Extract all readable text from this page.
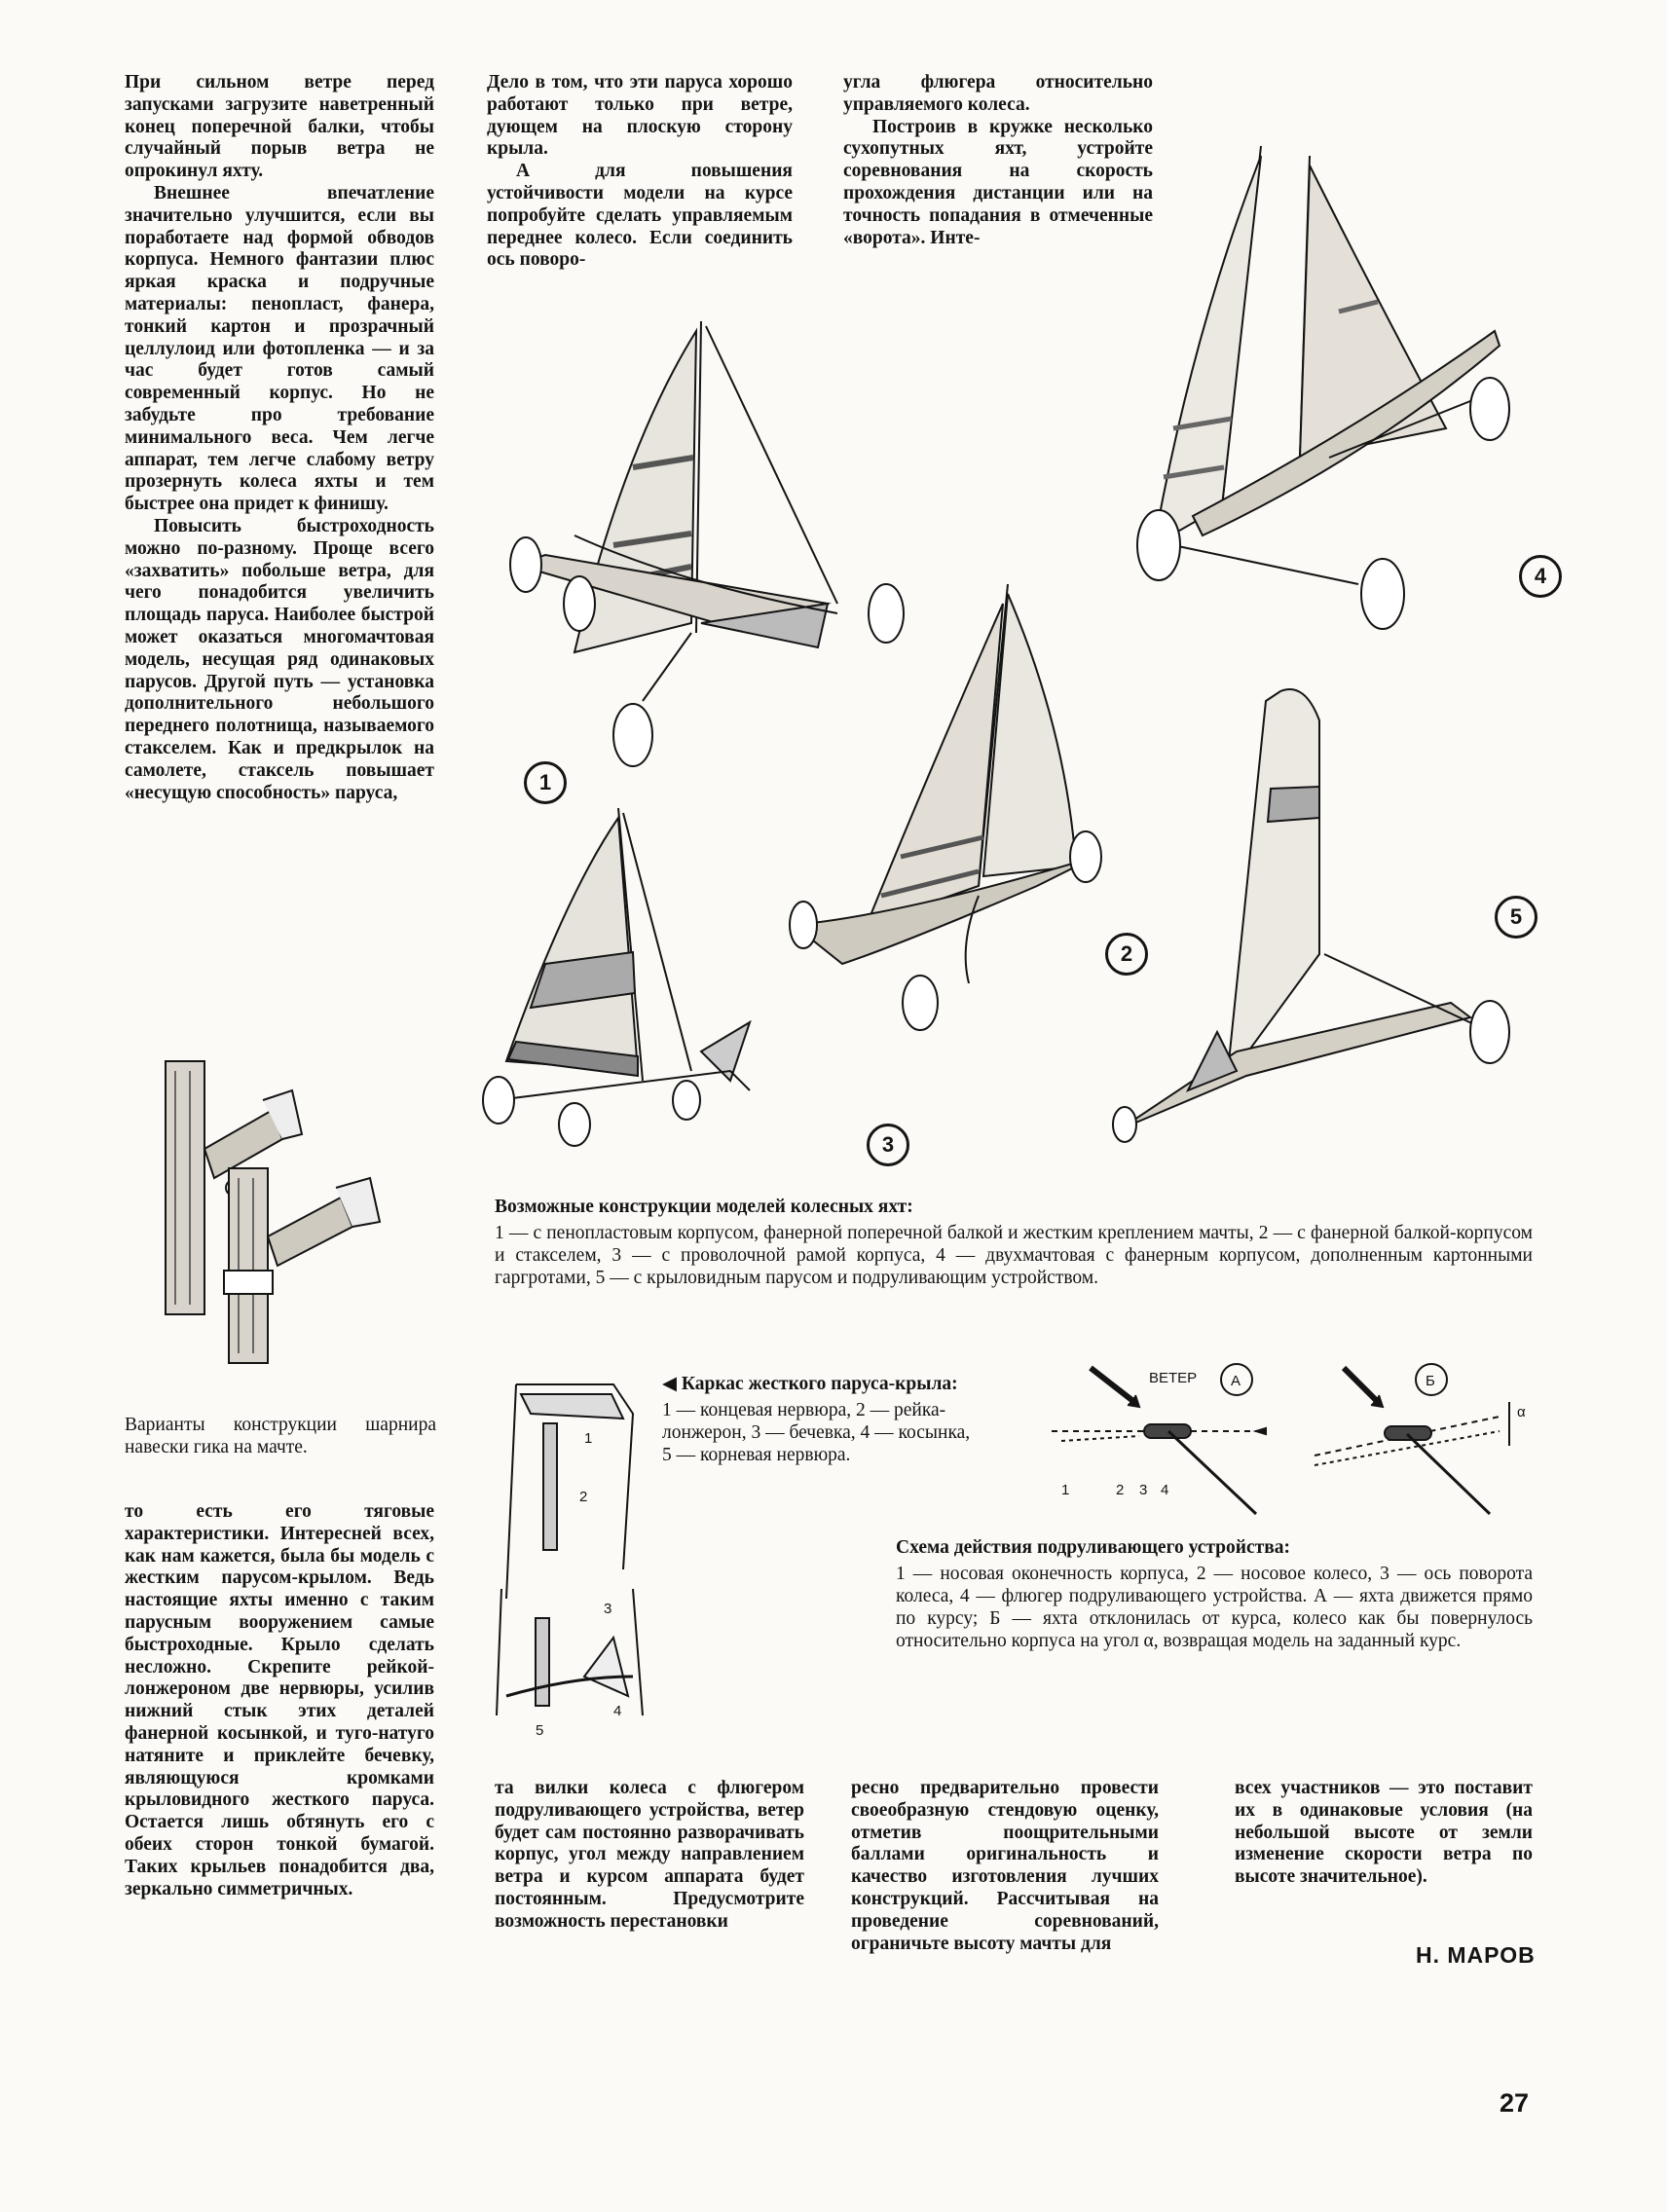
При сильном ветре перед запусками загрузите наветренный конец поперечной балки, чтобы случайный порыв ветра не опрокинул яхту.

Внешнее впечатление значительно улучшится, если вы поработаете над формой обводов корпуса. Немного фантазии плюс яркая краска и подручные материалы: пенопласт, фанера, тонкий картон и прозрачный целлулоид или фотопленка — и за час будет готов самый современный корпус. Но не забудьте про требование минимального веса. Чем легче аппарат, тем легче слабому ветру прозернуть колеса яхты и тем быстрее она придет к финишу.

Повысить быстроходность можно по-разному. Проще всего «захватить» побольше ветра, для чего понадобится увеличить площадь паруса. Наиболее быстрой может оказаться многомачтовая модель, несущая ряд одинаковых парусов. Другой путь — установка дополнительного небольшого переднего полотнища, называемого стакселем. Как и предкрылок на самолете, стаксель повышает «несущую способность» паруса,

Дело в том, что эти паруса хорошо работают только при ветре, дующем на плоскую сторону крыла.

А для повышения устойчивости модели на курсе попробуйте сделать управляемым переднее колесо. Если соединить ось поворо-

угла флюгера относительно управляемого колеса.

Построив в кружке несколько сухопутных яхт, устройте соревнования на скорость прохождения дистанции или на точность попадания в отмеченные «ворота». Инте-

1
2
3
4
5
Варианты конструкции шарнира навески гика на мачте.
Возможные конструкции моделей колесных яхт:

1 — с пенопластовым корпусом, фанерной поперечной балкой и жестким креплением мачты, 2 — с фанерной балкой-корпусом и стакселем, 3 — с проволочной рамой корпуса, 4 — двухмачтовая с фанерным корпусом, дополненным картонными гаргротами, 5 — с крыловидным парусом и подруливающим устройством.

1
2
3
4
5
◀ Каркас жесткого паруса-крыла:

1 — концевая нервюра, 2 — рейка-лонжерон, 3 — бечевка, 4 — косынка, 5 — корневая нервюра.

ВЕТЕР А
1	2 3 4
Б
α
Схема действия подруливающего устройства:

1 — носовая оконечность корпуса, 2 — носовое колесо, 3 — ось поворота колеса, 4 — флюгер подруливающего устройства. А — яхта движется прямо по курсу; Б — яхта отклонилась от курса, колесо как бы повернулось относительно корпуса на угол α, возвращая модель на заданный курс.

то есть его тяговые характеристики. Интересней всех, как нам кажется, была бы модель с жестким парусом-крылом. Ведь настоящие яхты именно с таким парусным вооружением самые быстроходные. Крыло сделать несложно. Скрепите рейкой-лонжероном две нервюры, усилив нижний стык этих деталей фанерной косынкой, и туго-натуго натяните и приклейте бечевку, являющуюся кромками крыловидного жесткого паруса. Остается лишь обтянуть его с обеих сторон тонкой бумагой. Таких крыльев понадобится два, зеркально симметричных.

та вилки колеса с флюгером подруливающего устройства, ветер будет сам постоянно разворачивать корпус, угол между направлением ветра и курсом аппарата будет постоянным. Предусмотрите возможность перестановки

ресно предварительно провести своеобразную стендовую оценку, отметив поощрительными баллами оригинальность и качество изготовления лучших конструкций. Рассчитывая на проведение соревнований, ограничьте высоту мачты для

всех участников — это поставит их в одинаковые условия (на небольшой высоте от земли изменение скорости ветра по высоте значительное).

Н. МАРОВ
27
